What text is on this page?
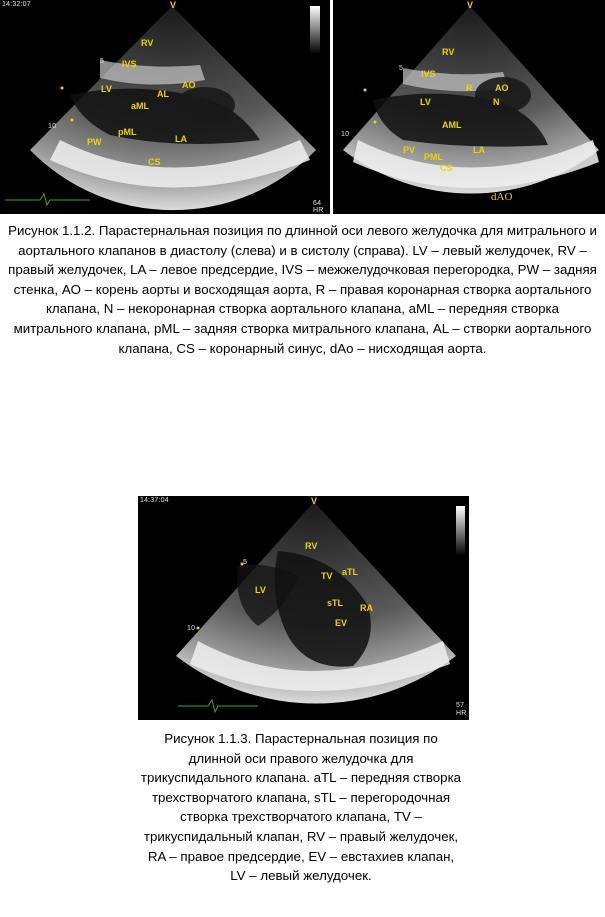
14:32:07	V
5
10
RV
IVS
LV	AO
AL
aML
pML
PW	LA
CS
64
HR
V
5
10
RV
IVS
R	AO
LV	N
AML
PV
PML
LA
CS
dAO
Рисунок 1.1.2. Парастернальная позиция по длинной оси левого желудочка для митрального и аортального клапанов в диастолу (слева) и в систолу (справа). LV – левый желудочек, RV – правый желудочек, LA – левое предсердие, IVS – межжелудочковая перегородка, PW – задняя стенка, AO – корень аорты и восходящая аорта, R – правая коронарная створка аортального клапана, N – некоронарная створка аортального клапана, aML – передняя створка митрального клапана, pML – задняя створка митрального клапана, AL – створки аортального клапана, CS – коронарный синус, dAo – нисходящая аорта.
14:37:04	V
5
10
RV
TV aTL
LV
sTL RA
EV
57
HR
Рисунок 1.1.3. Парастернальная позиция по длинной оси правого желудочка для трикуспидального клапана. aTL – передняя створка трехстворчатого клапана, sTL – перегородочная створка трехстворчатого клапана, TV – трикуспидальный клапан, RV – правый желудочек, RA – правое предсердие, EV – евстахиев клапан, LV – левый желудочек.
